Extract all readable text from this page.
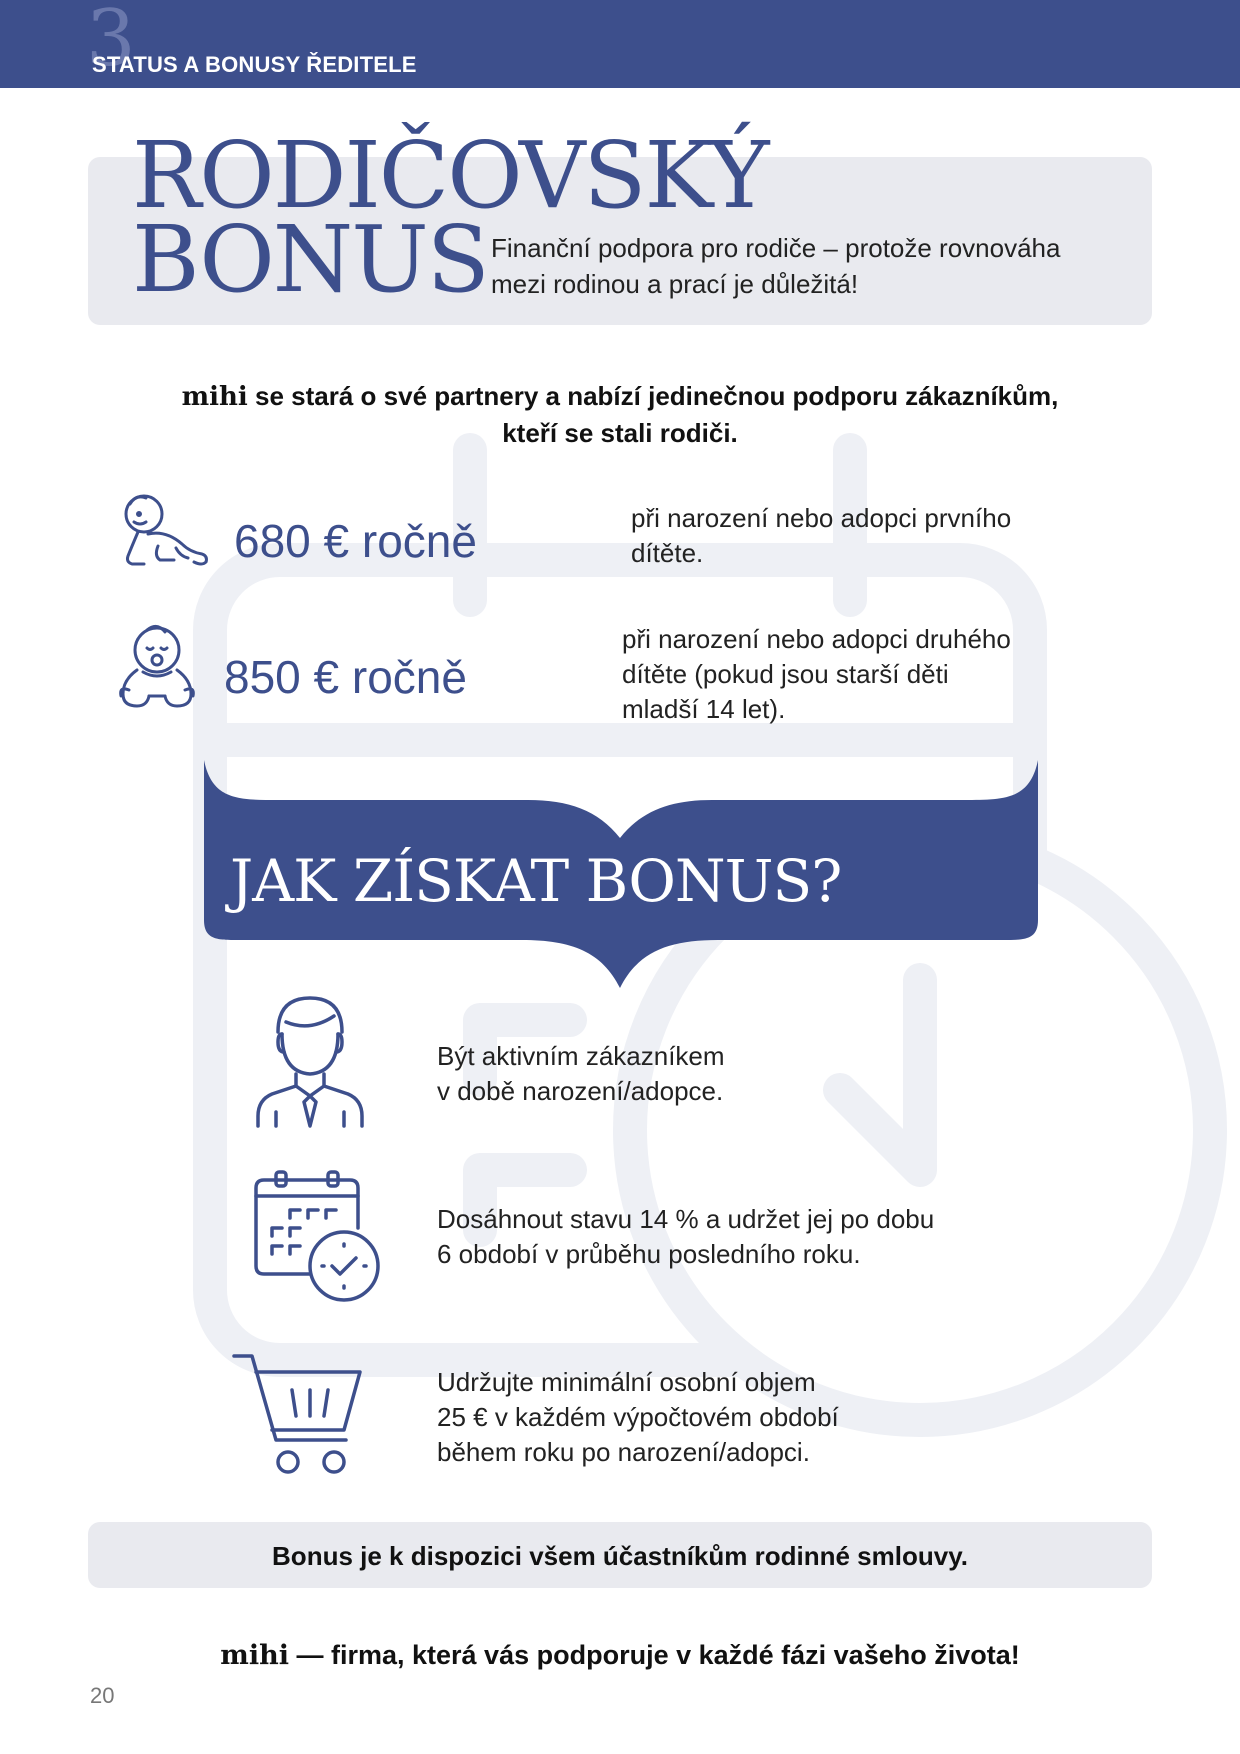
3
STATUS A BONUSY ŘEDITELE
RODIČOVSKÝ
BONUS Finanční podpora pro rodiče – protože rovnováha
mezi rodinou a prací je důležitá!
mihi se stará o své partnery a nabízí jedinečnou podporu zákazníkům,
kteří se stali rodiči.
680 € ročně	při narození nebo adopci prvního
dítěte.
850 € ročně
při narození nebo adopci druhého
dítěte (pokud jsou starší děti
mladší 14 let).
JAK ZÍSKAT BONUS?
Být aktivním zákazníkem
v době narození/adopce.
Dosáhnout stavu 14 % a udržet jej po dobu
6 období v průběhu posledního roku.
Udržujte minimální osobní objem
25 € v každém výpočtovém období
během roku po narození/adopci.
Bonus je k dispozici všem účastníkům rodinné smlouvy.
mihi — firma, která vás podporuje v každé fázi vašeho života!
20
